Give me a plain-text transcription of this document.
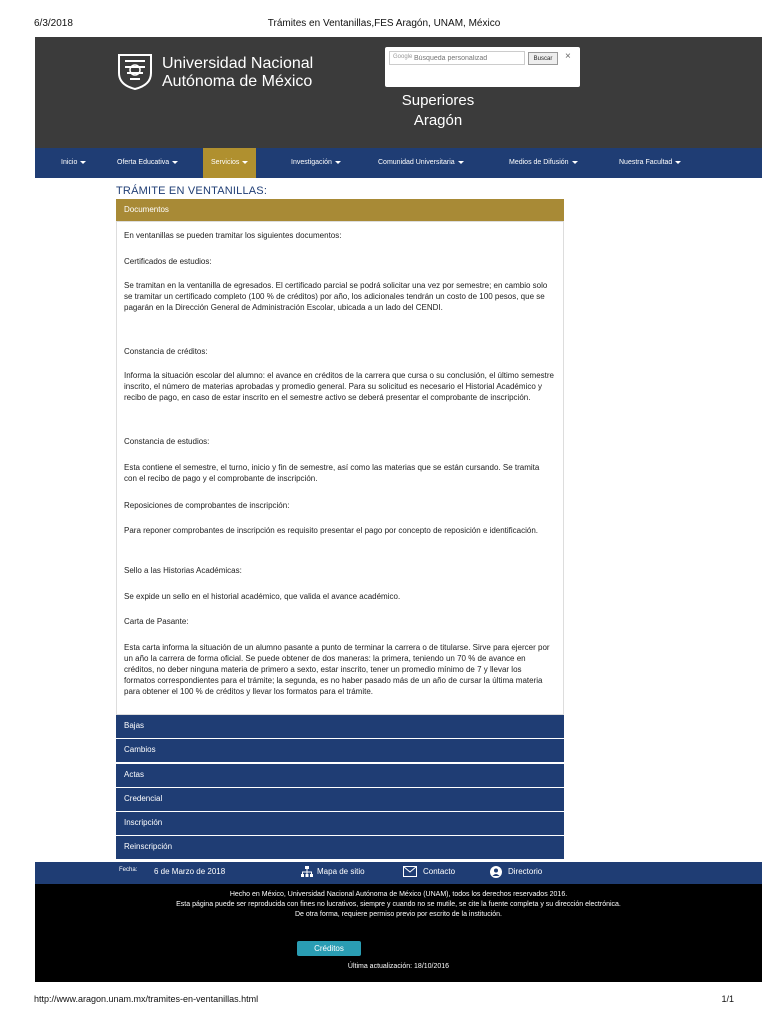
6/3/2018	Trámites en Ventanillas,FES Aragón, UNAM, México
Universidad Nacional
Autónoma de México
Superiores
Aragón
Búsqueda personalizad
Google	Buscar	×
Inicio	Oferta Educativa	Servicios	Investigación	Comunidad Universitaria	Medios de Difusión	Nuestra Facultad
TRÁMITE EN VENTANILLAS:
Documentos

En ventanillas se pueden tramitar los siguientes documentos:

Certificados de estudios:

Se tramitan en la ventanilla de egresados. El certificado parcial se podrá solicitar una vez por semestre; en cambio solo se tramitar un certificado completo (100 % de créditos) por año, los adicionales tendrán un costo de 100 pesos, que se pagarán en la Dirección General de Administración Escolar, ubicada a un lado del CENDI.

Constancia de créditos:

Informa la situación escolar del alumno: el avance en créditos de la carrera que cursa o su conclusión, el último semestre inscrito, el número de materias aprobadas y promedio general. Para su solicitud es necesario el Historial Académico y recibo de pago, en caso de estar inscrito en el semestre activo se deberá presentar el comprobante de inscripción.

Constancia de estudios:

Esta contiene el semestre, el turno, inicio y fin de semestre, así como las materias que se están cursando. Se tramita con el recibo de pago y el comprobante de inscripción.

Reposiciones de comprobantes de inscripción:

Para reponer comprobantes de inscripción es requisito presentar el pago por concepto de reposición e identificación.

Sello a las Historias Académicas:

Se expide un sello en el historial académico, que valida el avance académico.

Carta de Pasante:

Esta carta informa la situación de un alumno pasante a punto de terminar la carrera o de titularse. Sirve para ejercer por un año la carrera de forma oficial. Se puede obtener de dos maneras: la primera, teniendo un 70 % de avance en créditos, no deber ninguna materia de primero a sexto, estar inscrito, tener un promedio mínimo de 7 y llevar los formatos correspondientes para el trámite; la segunda, es no haber pasado más de un año de cursar la última materia para obtener el 100 % de créditos y llevar los formatos para el trámite.

Bajas
Cambios
Actas
Credencial
Inscripción
Reinscripción
Fecha: 6 de Marzo de 2018	Mapa de sitio	Contacto	Directorio
Hecho en México, Universidad Nacional Autónoma de México (UNAM), todos los derechos reservados 2016.
Esta página puede ser reproducida con fines no lucrativos, siempre y cuando no se mutile, se cite la fuente completa y su dirección electrónica.
De otra forma, requiere permiso previo por escrito de la institución.
Créditos
Última actualización: 18/10/2016
http://www.aragon.unam.mx/tramites-en-ventanillas.html	1/1
